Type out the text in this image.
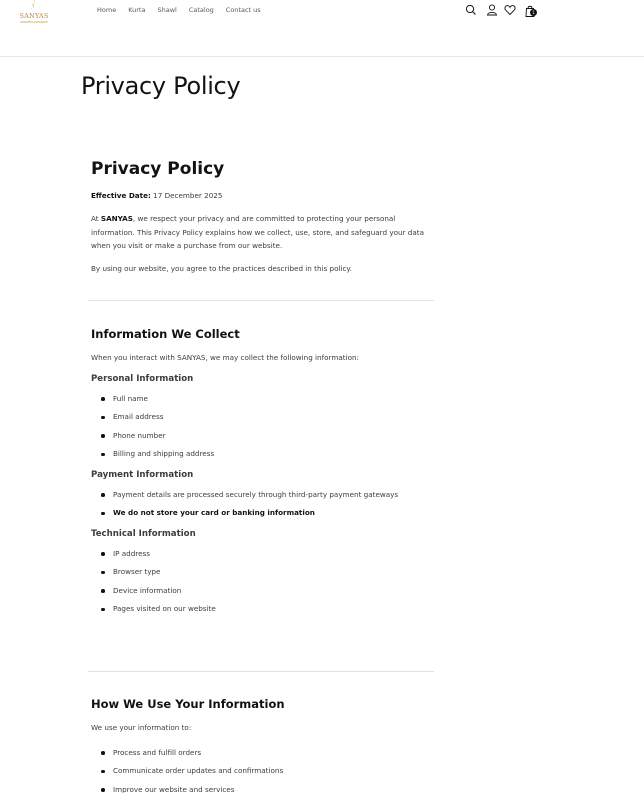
SANYAS
GRACEFUL ELEGANCE
Home Kurta Shawl Catalog Contact us	1
Privacy Policy
Privacy Policy

Effective Date: 17 December 2025

At SANYAS, we respect your privacy and are committed to protecting your personal information. This Privacy Policy explains how we collect, use, store, and safeguard your data when you visit or make a purchase from our website.

By using our website, you agree to the practices described in this policy.

Information We Collect

When you interact with SANYAS, we may collect the following information:

Personal Information
Full name
Email address
Phone number
Billing and shipping address
Payment Information
Payment details are processed securely through third-party payment gateways
We do not store your card or banking information
Technical Information
IP address
Browser type
Device information
Pages visited on our website
How We Use Your Information

We use your information to:

Process and fulfill orders
Communicate order updates and confirmations
Improve our website and services
